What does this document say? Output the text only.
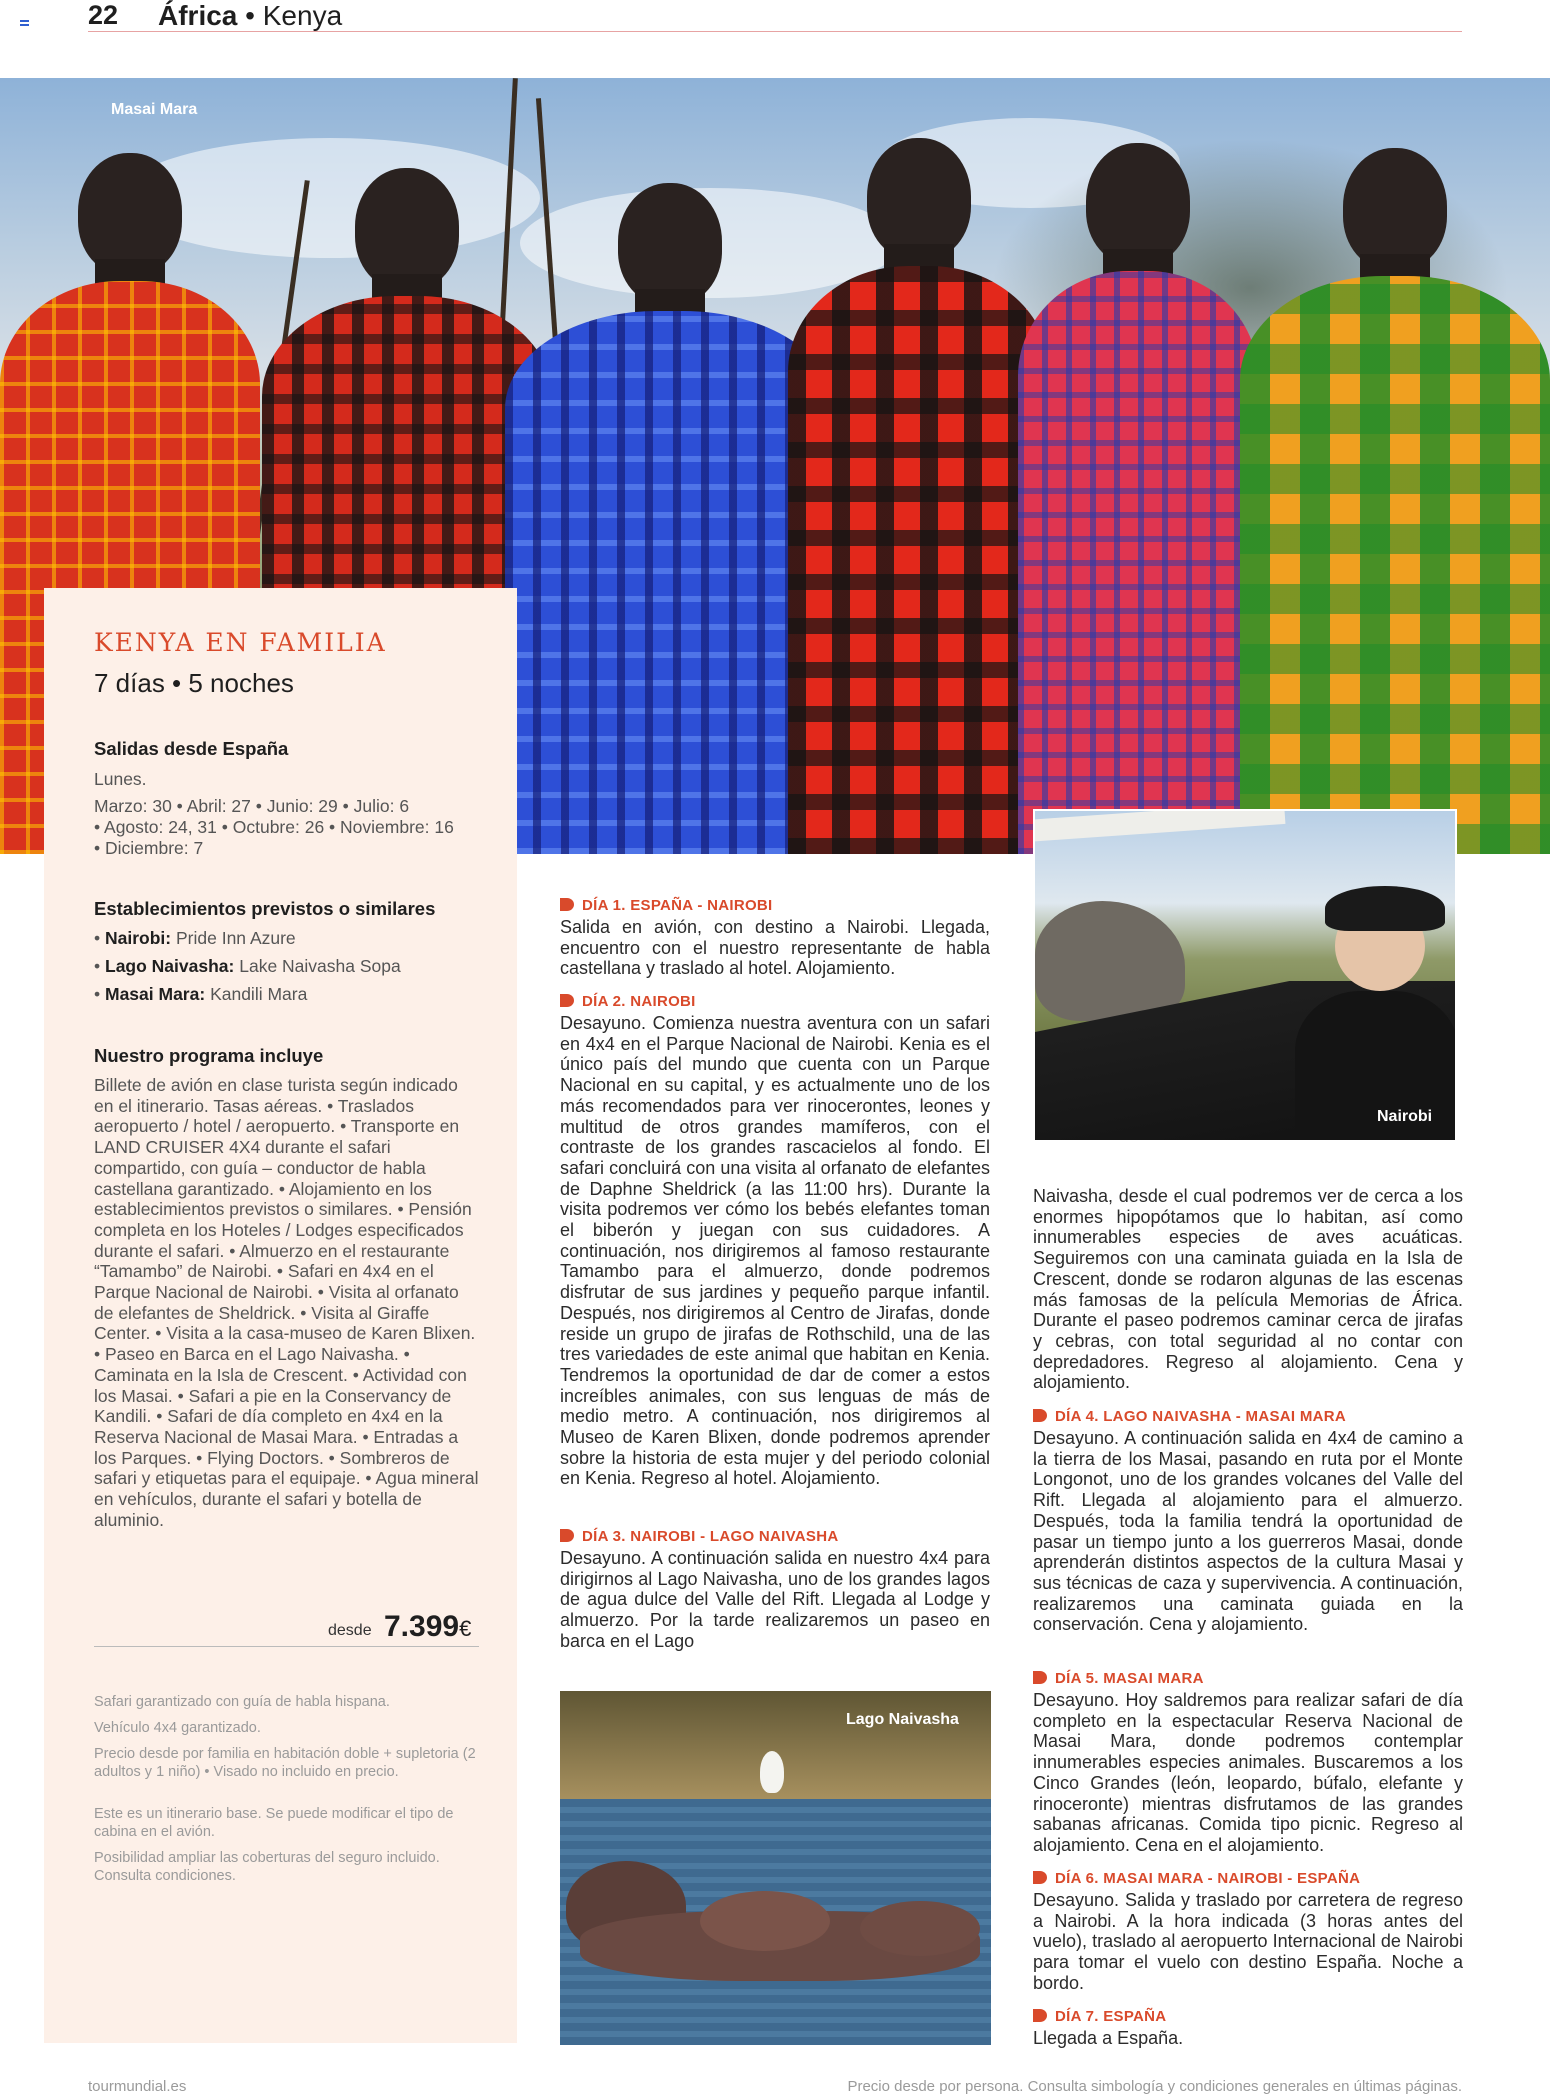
22 África • Kenya
Masai Mara
KENYA EN FAMILIA
7 días • 5 noches
Salidas desde España
Lunes.
Marzo: 30 • Abril: 27 • Junio: 29 • Julio: 6
• Agosto: 24, 31 • Octubre: 26 • Noviembre: 16
• Diciembre: 7
Establecimientos previstos o similares
• Nairobi: Pride Inn Azure
• Lago Naivasha: Lake Naivasha Sopa
• Masai Mara: Kandili Mara
Nuestro programa incluye
Billete de avión en clase turista según indicado en el itinerario. Tasas aéreas. • Traslados aeropuerto / hotel / aeropuerto. • Transporte en LAND CRUISER 4X4 durante el safari compartido, con guía – conductor de habla castellana garantizado. • Alojamiento en los establecimientos previstos o similares. • Pensión completa en los Hoteles / Lodges especificados durante el safari. • Almuerzo en el restaurante “Tamambo” de Nairobi. • Safari en 4x4 en el Parque Nacional de Nairobi. • Visita al orfanato de elefantes de Sheldrick. • Visita al Giraffe Center. • Visita a la casa-museo de Karen Blixen. • Paseo en Barca en el Lago Naivasha. • Caminata en la Isla de Crescent. • Actividad con los Masai. • Safari a pie en la Conservancy de Kandili. • Safari de día completo en 4x4 en la Reserva Nacional de Masai Mara. • Entradas a los Parques. • Flying Doctors. • Sombreros de safari y etiquetas para el equipaje. • Agua mineral en vehículos, durante el safari y botella de aluminio.
desde 7.399€
Safari garantizado con guía de habla hispana.
Vehículo 4x4 garantizado.
Precio desde por familia en habitación doble + supletoria (2 adultos y 1 niño) • Visado no incluido en precio.
Este es un itinerario base. Se puede modificar el tipo de cabina en el avión.
Posibilidad ampliar las coberturas del seguro incluido. Consulta condiciones.
DÍA 1. ESPAÑA - NAIROBI
Salida en avión, con destino a Nairobi. Llegada, encuentro con el nuestro representante de habla castellana y traslado al hotel. Alojamiento.
DÍA 2. NAIROBI
Desayuno. Comienza nuestra aventura con un safari en 4x4 en el Parque Nacional de Nairobi. Kenia es el único país del mundo que cuenta con un Parque Nacional en su capital, y es actualmente uno de los más recomendados para ver rinocerontes, leones y multitud de otros grandes mamíferos, con el contraste de los grandes rascacielos al fondo. El safari concluirá con una visita al orfanato de elefantes de Daphne Sheldrick (a las 11:00 hrs). Durante la visita podremos ver cómo los bebés elefantes toman el biberón y juegan con sus cuidadores. A continuación, nos dirigiremos al famoso restaurante Tamambo para el almuerzo, donde podremos disfrutar de sus jardines y pequeño parque infantil. Después, nos dirigiremos al Centro de Jirafas, donde reside un grupo de jirafas de Rothschild, una de las tres variedades de este animal que habitan en Kenia. Tendremos la oportunidad de dar de comer a estos increíbles animales, con sus lenguas de más de medio metro. A continuación, nos dirigiremos al Museo de Karen Blixen, donde podremos aprender sobre la historia de esta mujer y del periodo colonial en Kenia. Regreso al hotel. Alojamiento.
DÍA 3. NAIROBI - LAGO NAIVASHA
Desayuno. A continuación salida en nuestro 4x4 para dirigirnos al Lago Naivasha, uno de los grandes lagos de agua dulce del Valle del Rift. Llegada al Lodge y almuerzo. Por la tarde realizaremos un paseo en barca en el Lago
Lago Naivasha
Nairobi
Naivasha, desde el cual podremos ver de cerca a los enormes hipopótamos que lo habitan, así como innumerables especies de aves acuáticas. Seguiremos con una caminata guiada en la Isla de Crescent, donde se rodaron algunas de las escenas más famosas de la película Memorias de África. Durante el paseo podremos caminar cerca de jirafas y cebras, con total seguridad al no contar con depredadores. Regreso al alojamiento. Cena y alojamiento.
DÍA 4. LAGO NAIVASHA - MASAI MARA
Desayuno. A continuación salida en 4x4 de camino a la tierra de los Masai, pasando en ruta por el Monte Longonot, uno de los grandes volcanes del Valle del Rift. Llegada al alojamiento para el almuerzo. Después, toda la familia tendrá la oportunidad de pasar un tiempo junto a los guerreros Masai, donde aprenderán distintos aspectos de la cultura Masai y sus técnicas de caza y supervivencia. A continuación, realizaremos una caminata guiada en la conservación. Cena y alojamiento.
DÍA 5. MASAI MARA
Desayuno. Hoy saldremos para realizar safari de día completo en la espectacular Reserva Nacional de Masai Mara, donde podremos contemplar innumerables especies animales. Buscaremos a los Cinco Grandes (león, leopardo, búfalo, elefante y rinoceronte) mientras disfrutamos de las grandes sabanas africanas. Comida tipo picnic. Regreso al alojamiento. Cena en el alojamiento.
DÍA 6. MASAI MARA - NAIROBI - ESPAÑA
Desayuno. Salida y traslado por carretera de regreso a Nairobi. A la hora indicada (3 horas antes del vuelo), traslado al aeropuerto Internacional de Nairobi para tomar el vuelo con destino España. Noche a bordo.
DÍA 7. ESPAÑA
Llegada a España.
tourmundial.es	Precio desde por persona. Consulta simbología y condiciones generales en últimas páginas.
